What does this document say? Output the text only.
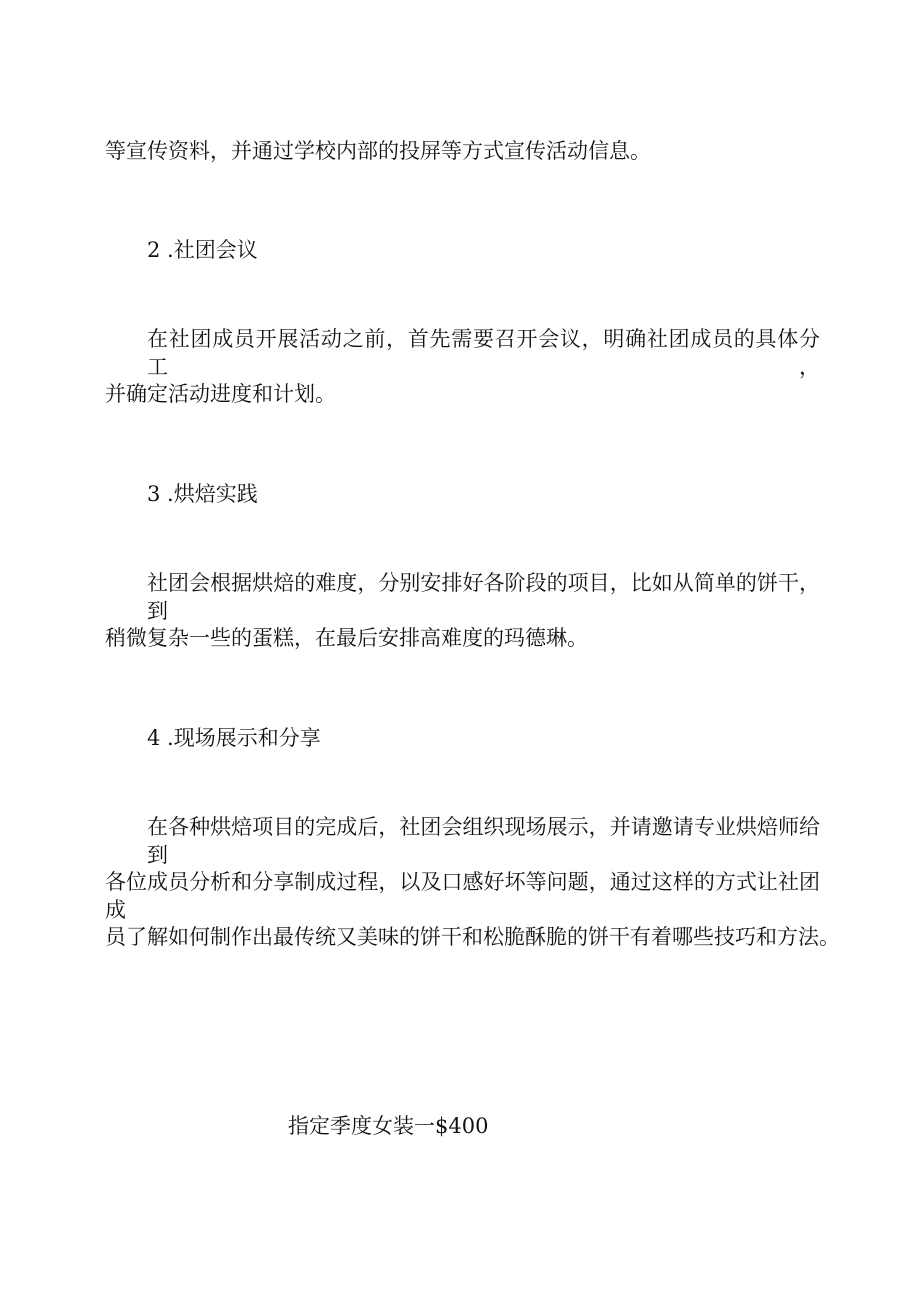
等宣传资料，并通过学校内部的投屏等方式宣传活动信息。

2 .社团会议

在社团成员开展活动之前，首先需要召开会议，明确社团成员的具体分工，

并确定活动进度和计划。

3 .烘焙实践

社团会根据烘焙的难度，分别安排好各阶段的项目，比如从简单的饼干，到

稍微复杂一些的蛋糕，在最后安排高难度的玛德琳。

4 .现场展示和分享

在各种烘焙项目的完成后，社团会组织现场展示，并请邀请专业烘焙师给到

各位成员分析和分享制成过程，以及口感好坏等问题，通过这样的方式让社团成

员了解如何制作出最传统又美味的饼干和松脆酥脆的饼干有着哪些技巧和方法。

指定季度女装一$400
